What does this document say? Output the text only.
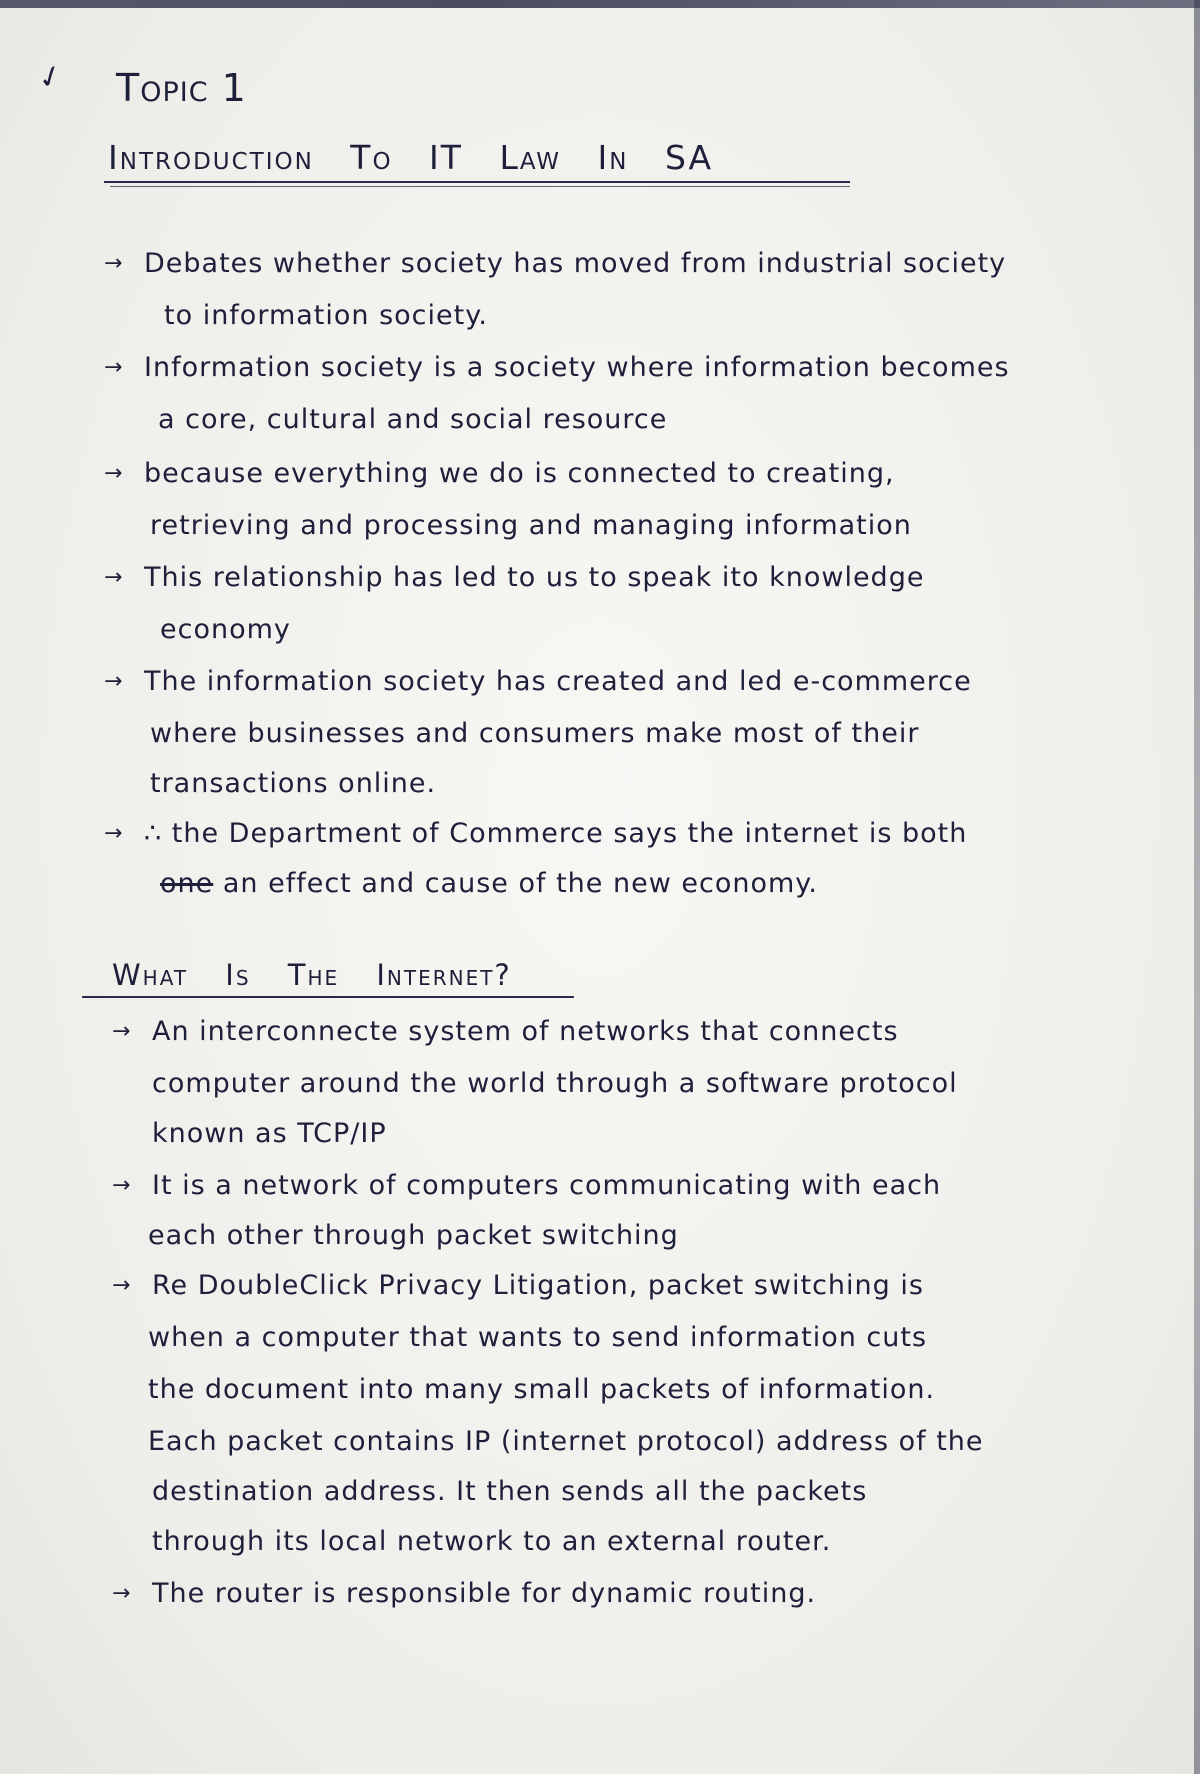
✓ Topic 1
Introduction To IT Law In SA
→ Debates whether society has moved from industrial society
to information society.
→ Information society is a society where information becomes
a core, cultural and social resource
→ because everything we do is connected to creating,
retrieving and processing and managing information
→ This relationship has led to us to speak ito knowledge
economy
→ The information society has created and led e-commerce
where businesses and consumers make most of their
transactions online.
→ ∴ the Department of Commerce says the internet is both
one an effect and cause of the new economy.
What Is The Internet?
→ An interconnecte system of networks that connects
computer around the world through a software protocol
known as TCP/IP
→ It is a network of computers communicating with each
each other through packet switching
→ Re DoubleClick Privacy Litigation, packet switching is
when a computer that wants to send information cuts
the document into many small packets of information.
Each packet contains IP (internet protocol) address of the
destination address. It then sends all the packets
through its local network to an external router.
→ The router is responsible for dynamic routing.
